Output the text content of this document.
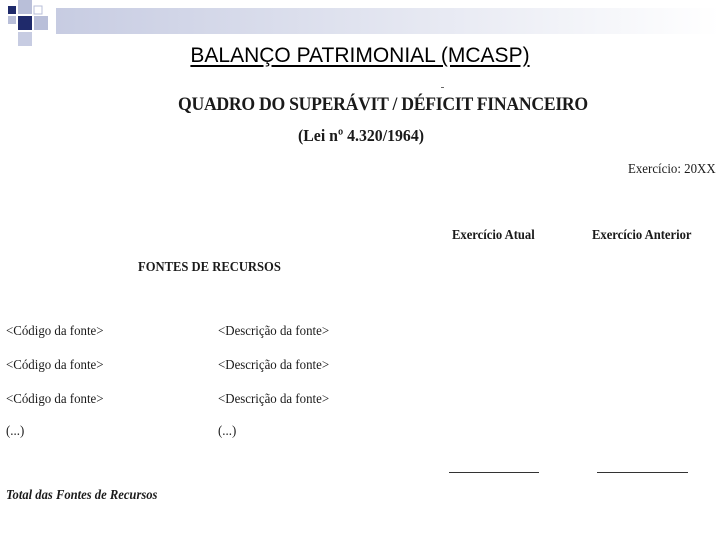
BALANÇO PATRIMONIAL (MCASP)
QUADRO DO SUPERÁVIT / DÉFICIT FINANCEIRO
(Lei nº 4.320/1964)
Exercício: 20XX
Exercício Atual	Exercício Anterior
FONTES DE RECURSOS
<Código da fonte>	<Descrição da fonte>
<Código da fonte>	<Descrição da fonte>
<Código da fonte>	<Descrição da fonte>
(...)	(...)
Total das Fontes de Recursos
